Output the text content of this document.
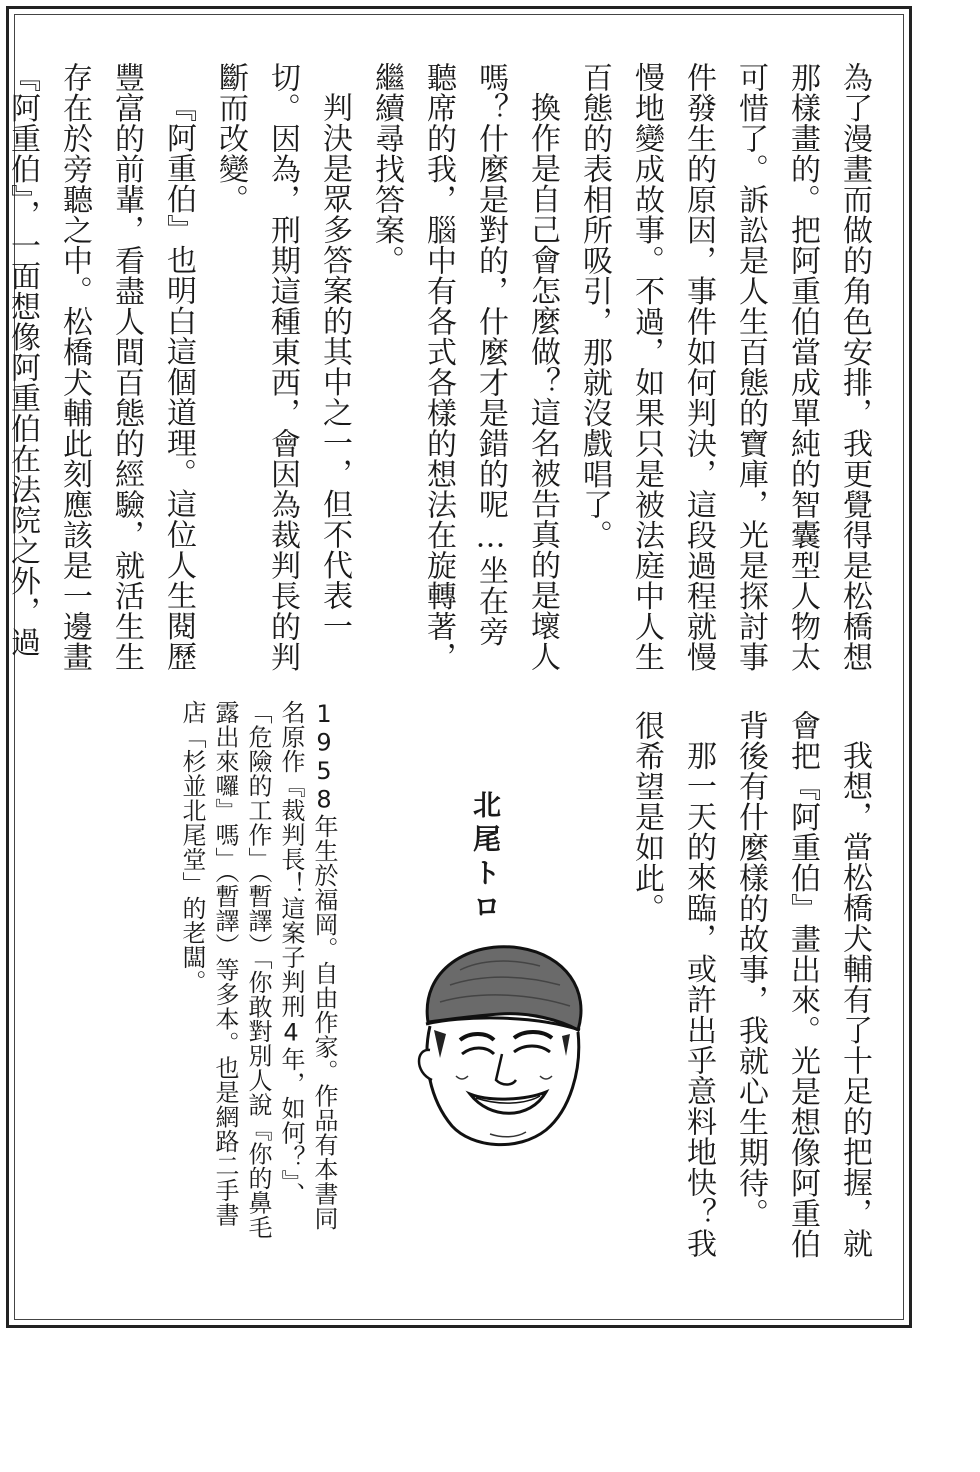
為了漫畫而做的角色安排，我更覺得是松橋想那樣畫的。把阿重伯當成單純的智囊型人物太可惜了。訴訟是人生百態的寶庫，光是探討事件發生的原因，事件如何判決，這段過程就慢慢地變成故事。不過，如果只是被法庭中人生百態的表相所吸引，那就沒戲唱了。

換作是自己會怎麼做？這名被告真的是壞人嗎？什麼是對的，什麼才是錯的呢…坐在旁聽席的我，腦中有各式各樣的想法在旋轉著，繼續尋找答案。

判決是眾多答案的其中之一，但不代表一切。因為，刑期這種東西，會因為裁判長的判斷而改變。

『阿重伯』也明白這個道理。這位人生閱歷豐富的前輩，看盡人間百態的經驗，就活生生存在於旁聽之中。松橋犬輔此刻應該是一邊畫『阿重伯』，一面想像阿重伯在法院之外，過

我想，當松橋犬輔有了十足的把握，就會把『阿重伯』畫出來。光是想像阿重伯背後有什麼樣的故事，我就心生期待。

那一天的來臨，或許出乎意料地快？我很希望是如此。

北尾トロ

1958年生於福岡。自由作家。作品有本書同名原作『裁判長！這案子判刑4年，如何？』、「危險的工作」（暫譯）「你敢對別人說『你的鼻毛露出來囉』嗎」（暫譯）等多本。也是網路二手書店「杉並北尾堂」的老闆。
